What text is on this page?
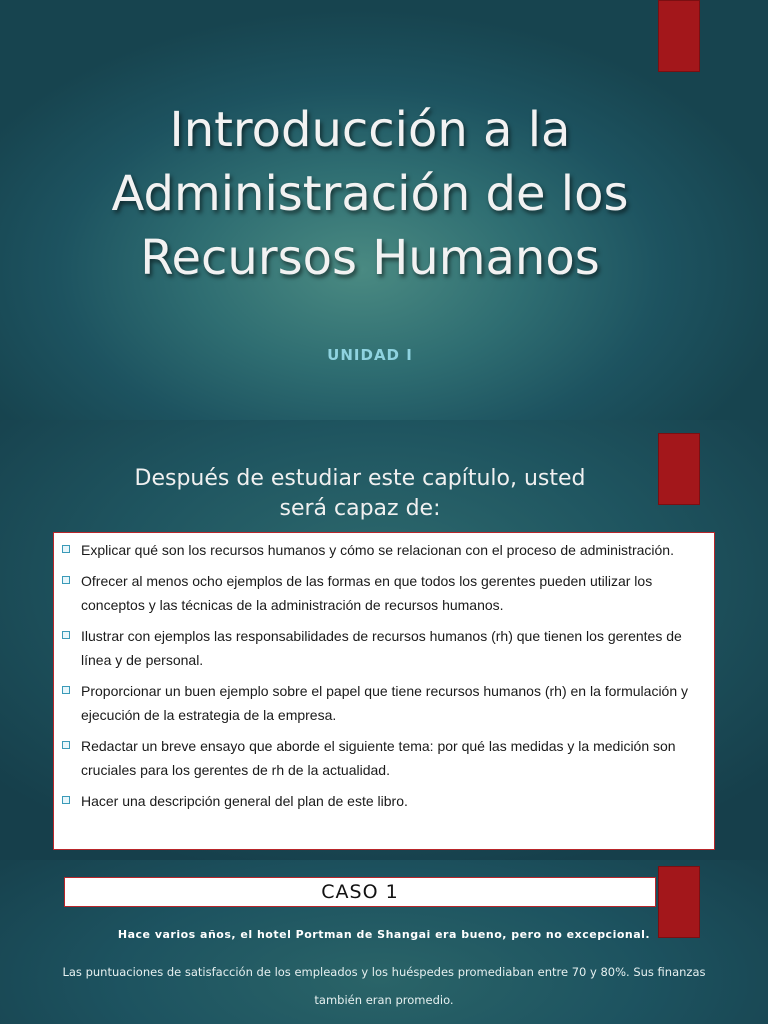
Introducción a la
Administración de los
Recursos Humanos
UNIDAD I
Después de estudiar este capítulo, usted
será capaz de:
Explicar qué son los recursos humanos y cómo se relacionan con el proceso de administración.
Ofrecer al menos ocho ejemplos de las formas en que todos los gerentes pueden utilizar los conceptos y las técnicas de la administración de recursos humanos.
Ilustrar con ejemplos las responsabilidades de recursos humanos (rh) que tienen los gerentes de línea y de personal.
Proporcionar un buen ejemplo sobre el papel que tiene recursos humanos (rh) en la formulación y ejecución de la estrategia de la empresa.
Redactar un breve ensayo que aborde el siguiente tema: por qué las medidas y la medición son cruciales para los gerentes de rh de la actualidad.
Hacer una descripción general del plan de este libro.
CASO 1
Hace varios años, el hotel Portman de Shangai era bueno, pero no excepcional.

Las puntuaciones de satisfacción de los empleados y los huéspedes promediaban entre 70 y 80%. Sus finanzas
también eran promedio.
